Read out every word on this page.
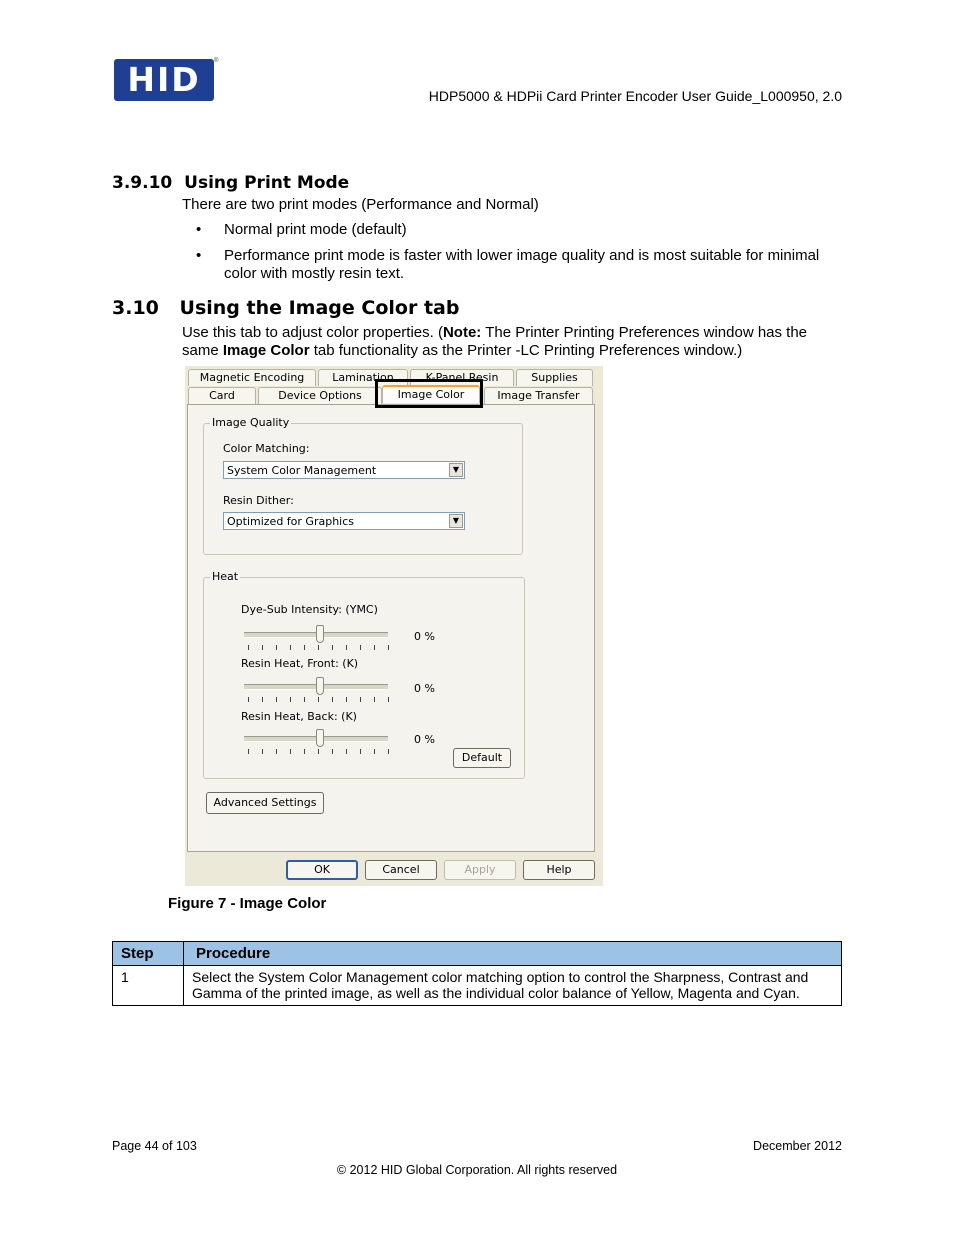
HID	®
HDP5000 & HDPii Card Printer Encoder User Guide_L000950, 2.0
3.9.10 Using Print Mode
There are two print modes (Performance and Normal)
• Normal print mode (default)
• Performance print mode is faster with lower image quality and is most suitable for minimal
color with mostly resin text.
3.10 Using the Image Color tab
Use this tab to adjust color properties. (Note: The Printer Printing Preferences window has the
same Image Color tab functionality as the Printer -LC Printing Preferences window.)
Magnetic Encoding	Lamination	K-Panel Resin	Supplies
Card	Device Options	Image Color	Image Transfer
Image Quality
Color Matching:
System Color Management	▼
Resin Dither:
Optimized for Graphics	▼
Heat
Dye-Sub Intensity: (YMC)
0 %
Resin Heat, Front: (K)
0 %
Resin Heat, Back: (K)
0 %
Default
Advanced Settings
OK	Cancel	Apply	Help
Figure 7 - Image Color
Step	Procedure
1	Select the System Color Management color matching option to control the Sharpness, Contrast and Gamma of the printed image, as well as the individual color balance of Yellow, Magenta and Cyan.
Page 44 of 103	December 2012
© 2012 HID Global Corporation. All rights reserved
